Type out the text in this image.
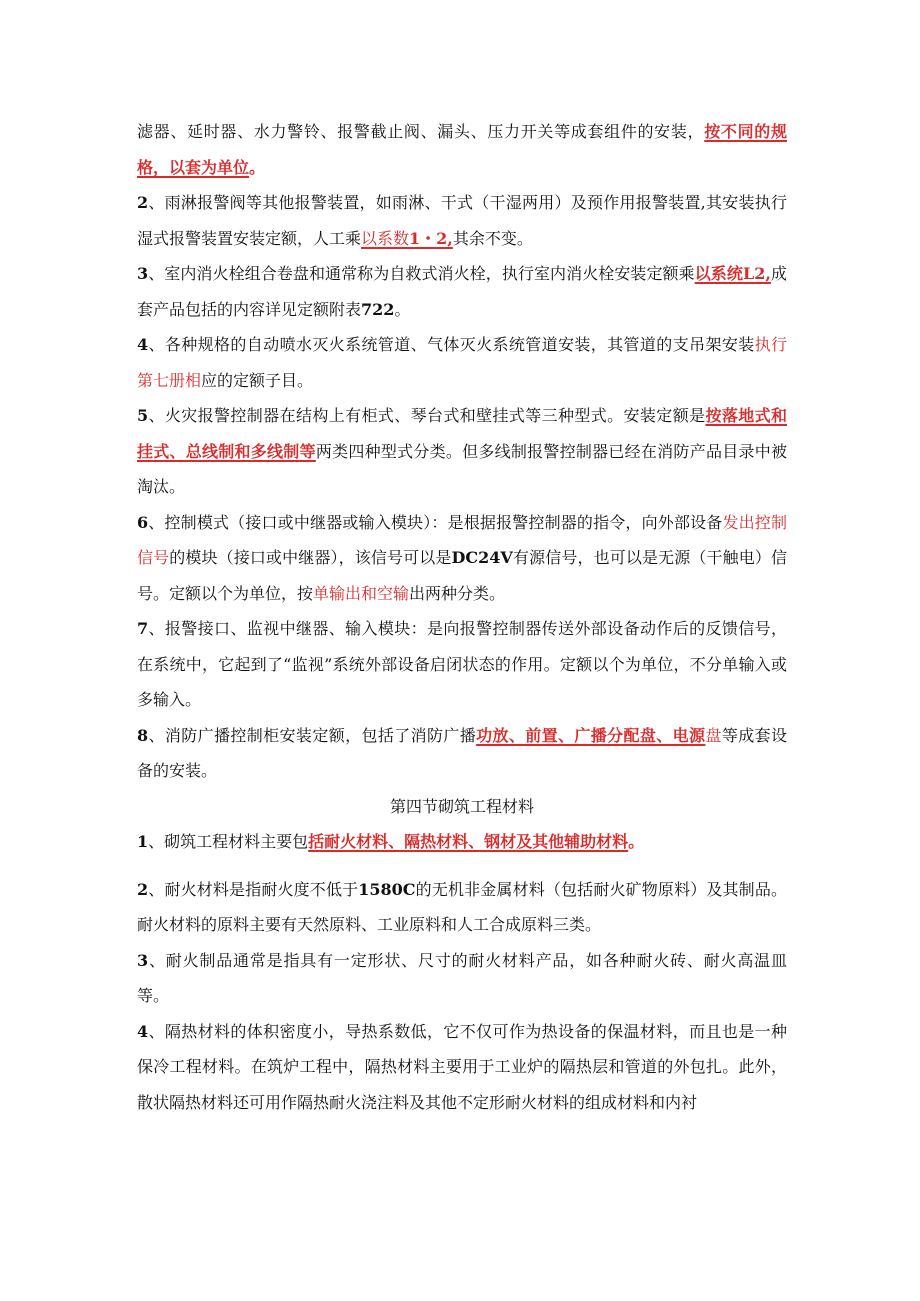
滤器、延时器、水力警铃、报警截止阀、漏头、压力开关等成套组件的安装，按不同的规格，以套为单位。

2、雨淋报警阀等其他报警装置，如雨淋、干式（干湿两用）及预作用报警装置,其安装执行湿式报警装置安装定额，人工乘以系数1・2,其余不变。

3、室内消火栓组合卷盘和通常称为自救式消火栓，执行室内消火栓安装定额乘以系统L2,成套产品包括的内容详见定额附表722。

4、各种规格的自动喷水灭火系统管道、气体灭火系统管道安装，其管道的支吊架安装执行第七册相应的定额子目。

5、火灾报警控制器在结构上有柜式、琴台式和壁挂式等三种型式。安装定额是按落地式和挂式、总线制和多线制等两类四种型式分类。但多线制报警控制器已经在消防产品目录中被淘汰。

6、控制模式（接口或中继器或输入模块）：是根据报警控制器的指令，向外部设备发出控制信号的模块（接口或中继器），该信号可以是DC24V有源信号，也可以是无源（干触电）信号。定额以个为单位，按单输出和空输出两种分类。

7、报警接口、监视中继器、输入模块：是向报警控制器传送外部设备动作后的反馈信号，在系统中，它起到了“监视”系统外部设备启闭状态的作用。定额以个为单位，不分单输入或多输入。

8、消防广播控制柜安装定额，包括了消防广播功放、前置、广播分配盘、电源盘等成套设备的安装。

第四节砌筑工程材料

1、砌筑工程材料主要包括耐火材料、隔热材料、钢材及其他辅助材料。

2、耐火材料是指耐火度不低于1580C的无机非金属材料（包括耐火矿物原料）及其制品。耐火材料的原料主要有天然原料、工业原料和人工合成原料三类。

3、耐火制品通常是指具有一定形状、尺寸的耐火材料产品，如各种耐火砖、耐火高温皿等。

4、隔热材料的体积密度小，导热系数低，它不仅可作为热设备的保温材料，而且也是一种保冷工程材料。在筑炉工程中，隔热材料主要用于工业炉的隔热层和管道的外包扎。此外，散状隔热材料还可用作隔热耐火浇注料及其他不定形耐火材料的组成材料和内衬
